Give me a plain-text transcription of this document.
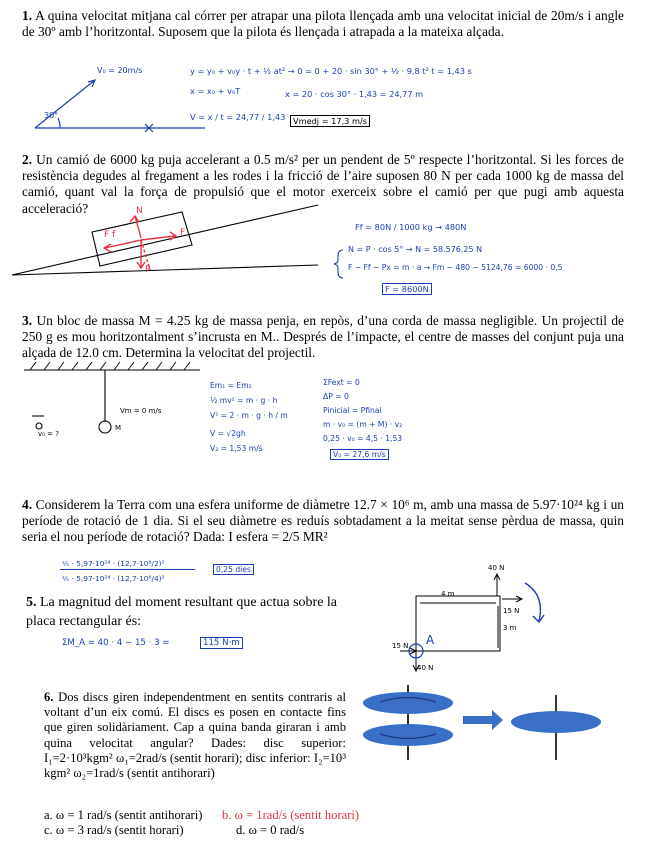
1. A quina velocitat mitjana cal córrer per atrapar una pilota llençada amb una velocitat inicial de 20m/s i angle de 30º amb l’horitzontal. Suposem que la pilota és llençada i atrapada a la mateixa alçada.
V₀ = 20m/s
30°
y = y₀ + v₀y · t + ½ at² → 0 = 0 + 20 · sin 30° + ½ · 9,8 t² t = 1,43 s
x = x₀ + v₀T	x = 20 · cos 30° · 1,43 = 24,77 m
V = x / t = 24,77 / 1,43 Vmedj = 17,3 m/s
2. Un camió de 6000 kg puja accelerant a 0.5 m/s² per un pendent de 5º respecte l’horitzontal. Si les forces de resistència degudes al fregament a les rodes i la fricció de l’aire suposen 80 N per cada 1000 kg de massa del camió, quant val la força de propulsió que el motor exerceix sobre el camió per que pugi amb aquesta acceleració?	N
F f	F
P
Ff = 80N / 1000 kg → 480N
N = P · cos 5° → N = 58.576,25 N
F − Ff − Px = m · a → Fm − 480 − 5124,76 = 6000 · 0,5
F = 8600N
3. Un bloc de massa M = 4.25 kg de massa penja, en repòs, d’una corda de massa negligible. Un projectil de 250 g es mou horitzontalment s’incrusta en M.. Després de l’impacte, el centre de masses del conjunt puja una alçada de 12.0 cm. Determina la velocitat del projectil.
Vm = 0 m/s
M
v₀ = ?
Em₁ = Em₂
½ mv² = m · g · h
V² = 2 · m · g · h / m
V = √2gh
V₂ = 1,53 m/s
ΣFext = 0
ΔP = 0
Pinicial = Pfinal
m · v₀ = (m + M) · v₂
0,25 · v₀ = 4,5 · 1,53
V₀ = 27,6 m/s
4. Considerem la Terra com una esfera uniforme de diàmetre 12.7 × 10⁶ m, amb una massa de 5.97·10²⁴ kg i un període de rotació de 1 dia. Si el seu diàmetre es reduís sobtadament a la meitat sense pèrdua de massa, quin seria el nou període de rotació? Dada: I esfera = 2/5 MR²
⅖ · 5,97·10²⁴ · (12,7·10⁶/2)²
⅖ · 5,97·10²⁴ · (12,7·10⁶/4)²
0,25 dies
5. La magnitud del moment resultant que actua sobre la placa rectangular és:
ΣM_A = 40 · 4 − 15 · 3 =	115 N·m
40 N
4 m
15 N
3 m
15 N
40 N
A
6. Dos discs giren independentment en sentits contraris al voltant d’un eix comú. El discs es posen en contacte fins que giren solidàriament. Cap a quina banda giraran i amb quina velocitat angular? Dades: disc superior: I₁=2·10³kgm² ω₁=2rad/s (sentit horari); disc inferior: I₂=10³ kgm² ω₂=1rad/s (sentit antihorari)
a. ω = 1 rad/s (sentit antihorari) b. ω = 1rad/s (sentit horari)
c. ω = 3 rad/s (sentit horari)	d. ω = 0 rad/s
